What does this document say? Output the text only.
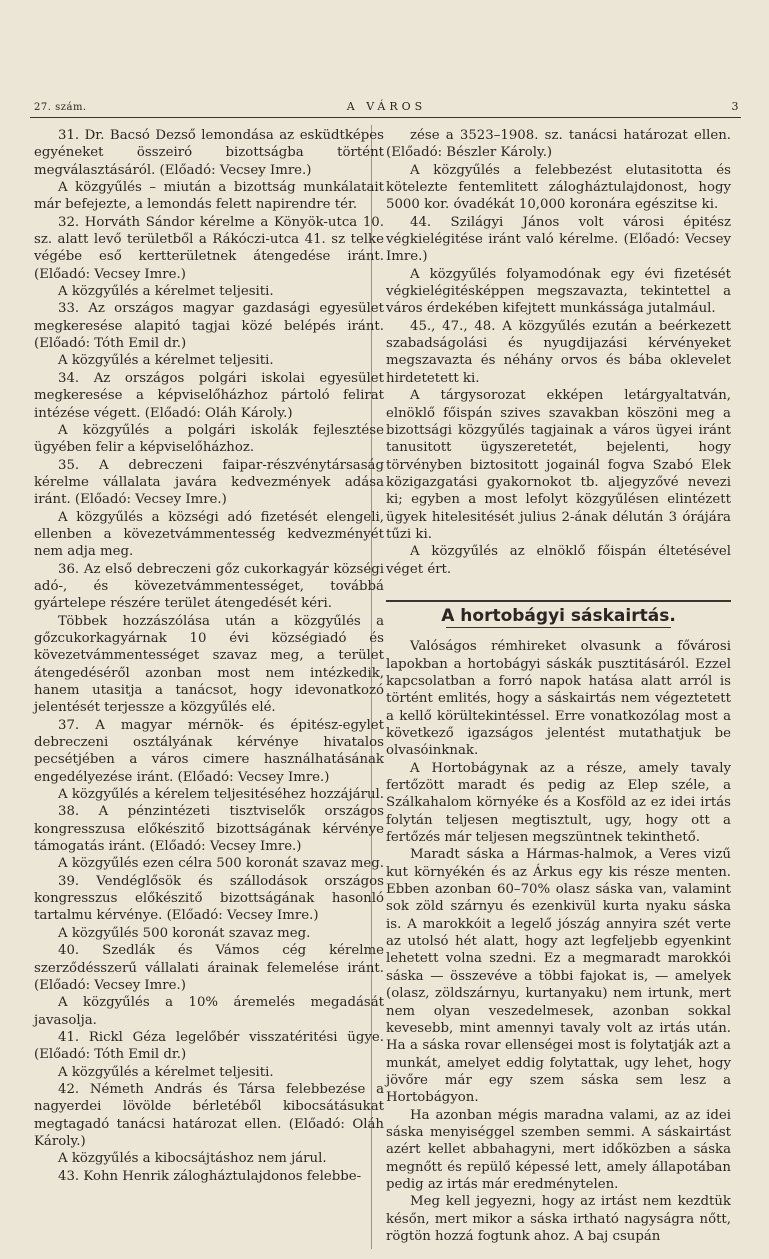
27. szám.	A VÁROS	3

31. Dr. Bacsó Dezső lemondása az esküdtképes egyéneket összeiró bizottságba történt megválasztásáról. (Előadó: Vecsey Imre.)

A közgyűlés – miután a bizottság munkálatait már befejezte, a lemondás felett napirendre tér.

32. Horváth Sándor kérelme a Könyök-utca 10. sz. alatt levő területből a Rákóczi-utca 41. sz telke végébe eső kertterületnek átengedése iránt. (Előadó: Vecsey Imre.)

A közgyűlés a kérelmet teljesiti.

33. Az országos magyar gazdasági egyesület megkeresése alapitó tagjai közé belépés iránt. (Előadó: Tóth Emil dr.)

A közgyűlés a kérelmet teljesiti.

34. Az országos polgári iskolai egyesület megkeresése a képviselőházhoz pártoló felirat intézése végett. (Előadó: Oláh Károly.)

A közgyűlés a polgári iskolák fejlesztése ügyében felir a képviselőházhoz.

35. A debreczeni faipar-részvénytársaság kérelme vállalata javára kedvezmények adása iránt. (Előadó: Vecsey Imre.)

A közgyűlés a községi adó fizetését elengeli, ellenben a kövezetvámmentesség kedvezményét nem adja meg.

36. Az első debreczeni gőz cukorkagyár községi adó-, és kövezetvámmentességet, továbbá gyártelepe részére terület átengedését kéri.

Többek hozzászólása után a közgyűlés a gőzcukorkagyárnak 10 évi községiadó és kövezetvámmentességet szavaz meg, a terület átengedéséről azonban most nem intézkedik, hanem utasitja a tanácsot, hogy idevonatkozó jelentését terjessze a közgyűlés elé.

37. A magyar mérnök- és épitész-egylet debreczeni osztályának kérvénye hivatalos pecsétjében a város cimere használhatásának engedélyezése iránt. (Előadó: Vecsey Imre.)

A közgyűlés a kérelem teljesitéséhez hozzájárul.

38. A pénzintézeti tisztviselők országos kongresszusa előkészitő bizottságának kérvénye támogatás iránt. (Előadó: Vecsey Imre.)

A közgyűlés ezen célra 500 koronát szavaz meg.

39. Vendéglősök és szállodások országos kongresszus előkészitő bizottságának hasonló tartalmu kérvénye. (Előadó: Vecsey Imre.)

A közgyűlés 500 koronát szavaz meg.

40. Szedlák és Vámos cég kérelme szerződésszerű vállalati árainak felemelése iránt. (Előadó: Vecsey Imre.)

A közgyűlés a 10% áremelés megadását javasolja.

41. Rickl Géza legelőbér visszatéritési ügye. (Előadó: Tóth Emil dr.)

A közgyűlés a kérelmet teljesiti.

42. Németh András és Társa felebbezése a nagyerdei lövölde bérletéből kibocsátásukat megtagadó tanácsi határozat ellen. (Előadó: Oláh Károly.)

A közgyűlés a kibocsájtáshoz nem járul.

43. Kohn Henrik zálogháztulajdonos felebbe-

zése a 3523–1908. sz. tanácsi határozat ellen. (Előadó: Bészler Károly.)

A közgyűlés a felebbezést elutasitotta és kötelezte fentemlitett zálogháztulajdonost, hogy 5000 kor. óvadékát 10,000 koronára egészitse ki.

44. Szilágyi János volt városi épitész végkielégitése iránt való kérelme. (Előadó: Vecsey Imre.)

A közgyűlés folyamodónak egy évi fizetését végkielégitésképpen megszavazta, tekintettel a város érdekében kifejtett munkássága jutalmául.

45., 47., 48. A közgyűlés ezután a beérkezett szabadságolási és nyugdijazási kérvényeket megszavazta és néhány orvos és bába oklevelet hirdetetett ki.

A tárgysorozat ekképen letárgyaltatván, elnöklő főispán szives szavakban köszöni meg a bizottsági közgyűlés tagjainak a város ügyei iránt tanusitott ügyszeretetét, bejelenti, hogy törvényben biztositott jogainál fogva Szabó Elek közigazgatási gyakornokot tb. aljegyzővé nevezi ki; egyben a most lefolyt közgyűlésen elintézett ügyek hitelesitését julius 2-ának délután 3 órájára tűzi ki.

A közgyűlés az elnöklő főispán éltetésével véget ért.

A hortobágyi sáskairtás.

Valóságos rémhireket olvasunk a fővárosi lapokban a hortobágyi sáskák pusztitásáról. Ezzel kapcsolatban a forró napok hatása alatt arról is történt emlités, hogy a sáskairtás nem végeztetett a kellő körültekintéssel. Erre vonatkozólag most a következő igazságos jelentést mutathatjuk be olvasóinknak.

A Hortobágynak az a része, amely tavaly fertőzött maradt és pedig az Elep széle, a Szálkahalom környéke és a Kosföld az ez idei irtás folytán teljesen megtisztult, ugy, hogy ott a fertőzés már teljesen megszüntnek tekinthető.

Maradt sáska a Hármas-halmok, a Veres vizű kut környékén és az Árkus egy kis része menten. Ebben azonban 60–70% olasz sáska van, valamint sok zöld szárnyu és ezenkivül kurta nyaku sáska is. A marokkóit a legelő jószág annyira szét verte az utolsó hét alatt, hogy azt legfeljebb egyenkint lehetett volna szedni. Ez a megmaradt marokkói sáska — összevéve a többi fajokat is, — amelyek (olasz, zöldszárnyu, kurtanyaku) nem irtunk, mert nem olyan veszedelmesek, azonban sokkal kevesebb, mint amennyi tavaly volt az irtás után. Ha a sáska rovar ellenségei most is folytatják azt a munkát, amelyet eddig folytattak, ugy lehet, hogy jövőre már egy szem sáska sem lesz a Hortobágyon.

Ha azonban mégis maradna valami, az az idei sáska menyiséggel szemben semmi. A sáskairtást azért kellet abbahagyni, mert időközben a sáska megnőtt és repülő képessé lett, amely állapotában pedig az irtás már eredménytelen.

Meg kell jegyezni, hogy az irtást nem kezdtük későn, mert mikor a sáska irtható nagyságra nőtt, rögtön hozzá fogtunk ahoz. A baj csupán
